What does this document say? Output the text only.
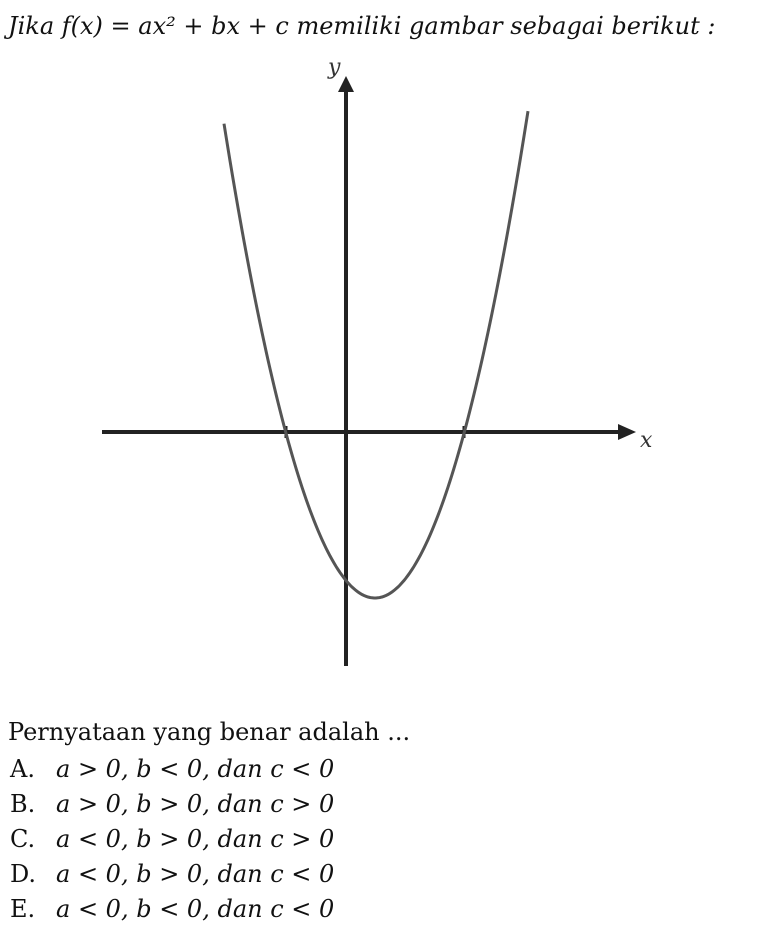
Jika f(x) = ax² + bx + c memiliki gambar sebagai berikut :
x
y
Pernyataan yang benar adalah ...
A. a > 0, b < 0, dan c < 0
B. a > 0, b > 0, dan c > 0
C. a < 0, b > 0, dan c > 0
D. a < 0, b > 0, dan c < 0
E. a < 0, b < 0, dan c < 0
